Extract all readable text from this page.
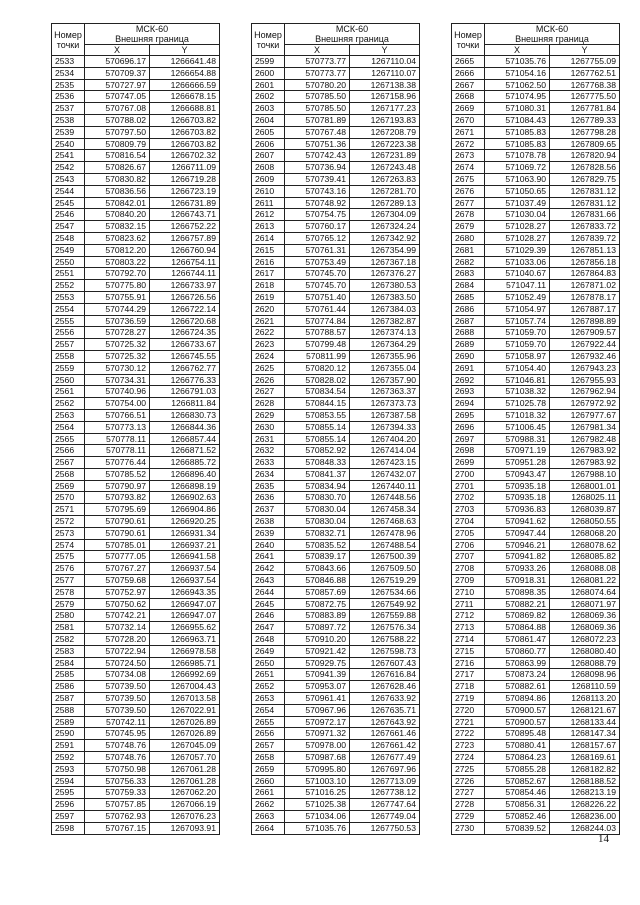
Номер точки	МСК-60	
	Внешняя граница	
	X	Y
2533	570696.17	1266641.48
2534	570709.37	1266654.88
2535	570727.97	1266666.59
2536	570747.05	1266678.15
2537	570767.08	1266688.81
2538	570788.02	1266703.82
2539	570797.50	1266703.82
2540	570809.79	1266703.82
2541	570816.54	1266702.32
2542	570826.67	1266711.09
2543	570830.82	1266719.28
2544	570836.56	1266723.19
2545	570842.01	1266731.89
2546	570840.20	1266743.71
2547	570832.15	1266752.22
2548	570823.62	1266757.89
2549	570812.20	1266760.94
2550	570803.22	1266754.11
2551	570792.70	1266744.11
2552	570775.80	1266733.97
2553	570755.91	1266726.56
2554	570744.29	1266722.14
2555	570736.59	1266720.68
2556	570728.27	1266724.35
2557	570725.32	1266733.67
2558	570725.32	1266745.55
2559	570730.12	1266762.77
2560	570734.31	1266776.33
2561	570740.96	1266791.03
2562	570754.00	1266811.84
2563	570766.51	1266830.73
2564	570773.13	1266844.36
2565	570778.11	1266857.44
2566	570778.11	1266871.52
2567	570776.44	1266885.72
2568	570785.52	1266896.40
2569	570790.97	1266898.19
2570	570793.82	1266902.63
2571	570795.69	1266904.86
2572	570790.61	1266920.25
2573	570790.61	1266931.34
2574	570785.01	1266937.21
2575	570777.05	1266941.58
2576	570767.27	1266937.54
2577	570759.68	1266937.54
2578	570752.97	1266943.35
2579	570750.62	1266947.07
2580	570742.21	1266947.07
2581	570732.14	1266955.62
2582	570728.20	1266963.71
2583	570722.94	1266978.58
2584	570724.50	1266985.71
2585	570734.08	1266992.69
2586	570739.50	1267004.43
2587	570739.50	1267013.58
2588	570739.50	1267022.91
2589	570742.11	1267026.89
2590	570745.95	1267026.89
2591	570748.76	1267045.09
2592	570748.76	1267057.70
2593	570750.98	1267061.28
2594	570756.33	1267061.28
2595	570759.33	1267062.20
2596	570757.85	1267066.19
2597	570762.93	1267076.23
2598	570767.15	1267093.91
Номер точки	МСК-60	
	Внешняя граница	
	X	Y
2599	570773.77	1267110.04
2600	570773.77	1267110.07
2601	570780.20	1267138.38
2602	570785.50	1267158.96
2603	570785.50	1267177.23
2604	570781.89	1267193.83
2605	570767.48	1267208.79
2606	570751.36	1267223.38
2607	570742.43	1267231.89
2608	570736.94	1267243.48
2609	570739.41	1267263.83
2610	570743.16	1267281.70
2611	570748.92	1267289.13
2612	570754.75	1267304.09
2613	570760.17	1267324.24
2614	570765.12	1267342.92
2615	570761.31	1267354.99
2616	570753.49	1267367.18
2617	570745.70	1267376.27
2618	570745.70	1267380.53
2619	570751.40	1267383.50
2620	570761.44	1267384.03
2621	570774.84	1267382.87
2622	570788.57	1267374.13
2623	570799.48	1267364.29
2624	570811.99	1267355.96
2625	570820.12	1267355.04
2626	570828.02	1267357.90
2627	570834.54	1267363.37
2628	570844.15	1267373.73
2629	570853.55	1267387.58
2630	570855.14	1267394.33
2631	570855.14	1267404.20
2632	570852.92	1267414.04
2633	570848.33	1267423.15
2634	570841.37	1267432.07
2635	570834.94	1267440.11
2636	570830.70	1267448.56
2637	570830.04	1267458.34
2638	570830.04	1267468.63
2639	570832.71	1267478.96
2640	570835.52	1267488.54
2641	570839.17	1267500.39
2642	570843.66	1267509.50
2643	570846.88	1267519.29
2644	570857.69	1267534.66
2645	570872.75	1267549.92
2646	570883.89	1267559.88
2647	570897.72	1267576.34
2648	570910.20	1267588.22
2649	570921.42	1267598.73
2650	570929.75	1267607.43
2651	570941.39	1267616.84
2652	570953.07	1267628.46
2653	570961.41	1267633.92
2654	570967.96	1267635.71
2655	570972.17	1267643.92
2656	570971.32	1267661.46
2657	570978.00	1267661.42
2658	570987.68	1267677.49
2659	570995.80	1267697.96
2660	571003.10	1267713.09
2661	571016.25	1267738.12
2662	571025.38	1267747.64
2663	571034.06	1267749.04
2664	571035.76	1267750.53
Номер точки	МСК-60	
	Внешняя граница	
	X	Y
2665	571035.76	1267755.09
2666	571054.16	1267762.51
2667	571062.50	1267768.38
2668	571074.95	1267775.50
2669	571080.31	1267781.84
2670	571084.43	1267789.33
2671	571085.83	1267798.28
2672	571085.83	1267809.65
2673	571078.78	1267820.94
2674	571069.72	1267828.56
2675	571063.90	1267829.75
2676	571050.65	1267831.12
2677	571037.49	1267831.12
2678	571030.04	1267831.66
2679	571028.27	1267833.72
2680	571028.27	1267839.72
2681	571029.39	1267851.13
2682	571033.06	1267856.18
2683	571040.67	1267864.83
2684	571047.11	1267871.02
2685	571052.49	1267878.17
2686	571054.97	1267887.17
2687	571057.74	1267898.89
2688	571059.70	1267909.57
2689	571059.70	1267922.44
2690	571058.97	1267932.46
2691	571054.40	1267943.23
2692	571046.81	1267955.93
2693	571038.32	1267962.94
2694	571025.78	1267972.92
2695	571018.32	1267977.67
2696	571006.45	1267981.34
2697	570988.31	1267982.48
2698	570971.19	1267983.92
2699	570951.28	1267983.92
2700	570943.47	1267988.10
2701	570935.18	1268001.01
2702	570935.18	1268025.11
2703	570936.83	1268039.87
2704	570941.62	1268050.55
2705	570947.44	1268068.20
2706	570946.21	1268078.62
2707	570941.82	1268085.82
2708	570933.26	1268088.08
2709	570918.31	1268081.22
2710	570898.35	1268074.64
2711	570882.21	1268071.97
2712	570869.82	1268069.36
2713	570864.88	1268069.36
2714	570861.47	1268072.23
2715	570860.77	1268080.40
2716	570863.99	1268088.79
2717	570873.24	1268098.96
2718	570882.61	1268110.59
2719	570894.86	1268113.20
2720	570900.57	1268121.67
2721	570900.57	1268133.44
2722	570895.48	1268147.34
2723	570880.41	1268157.67
2724	570864.23	1268169.61
2725	570855.28	1268182.82
2726	570852.67	1268188.52
2727	570854.46	1268213.19
2728	570856.31	1268226.22
2729	570852.46	1268236.00
2730	570839.52	1268244.03
14
